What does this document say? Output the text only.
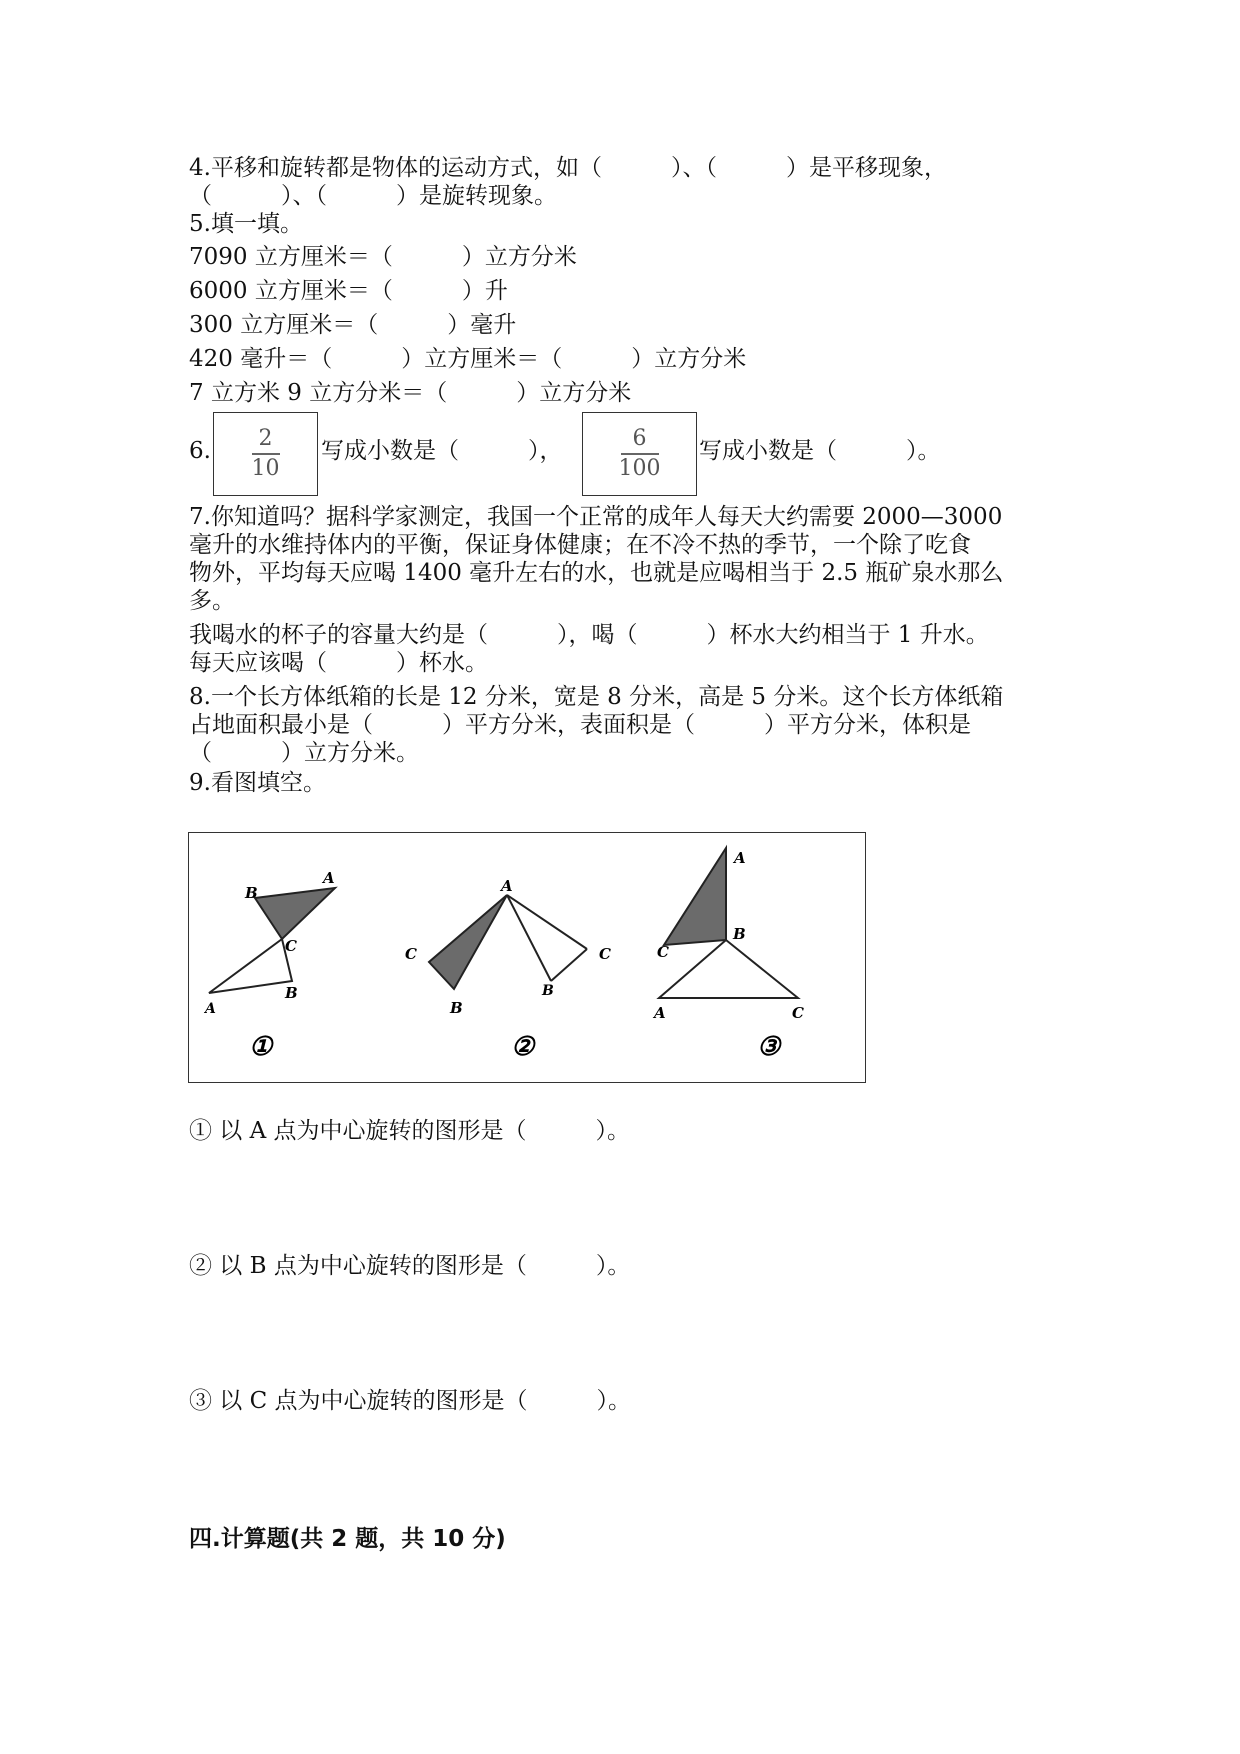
4.平移和旋转都是物体的运动方式，如（　　　）、（　　　）是平移现象，
（　　　）、（　　　）是旋转现象。
5.填一填。
7090 立方厘米＝（　　　）立方分米
6000 立方厘米＝（　　　）升
300 立方厘米＝（　　　）毫升
420 毫升＝（　　　）立方厘米＝（　　　）立方分米
7 立方米 9 立方分米＝（　　　）立方分米
6.	2
10
写成小数是（　　　），	6
100
写成小数是（　　　）。
7.你知道吗？据科学家测定，我国一个正常的成年人每天大约需要 2000—3000
毫升的水维持体内的平衡，保证身体健康；在不冷不热的季节，一个除了吃食
物外，平均每天应喝 1400 毫升左右的水，也就是应喝相当于 2.5 瓶矿泉水那么
多。
我喝水的杯子的容量大约是（　　　），喝（　　　）杯水大约相当于 1 升水。
每天应该喝（　　　）杯水。
8.一个长方体纸箱的长是 12 分米，宽是 8 分米，高是 5 分米。这个长方体纸箱
占地面积最小是（　　　）平方分米，表面积是（　　　）平方分米，体积是
（　　　）立方分米。
9.看图填空。
B
A
C
A
B
①
A
C
B
B
C
②
A
B
C
A	C
③
① 以 A 点为中心旋转的图形是（　　　）。
② 以 B 点为中心旋转的图形是（　　　）。
③ 以 C 点为中心旋转的图形是（　　　）。
四.计算题(共 2 题，共 10 分)
